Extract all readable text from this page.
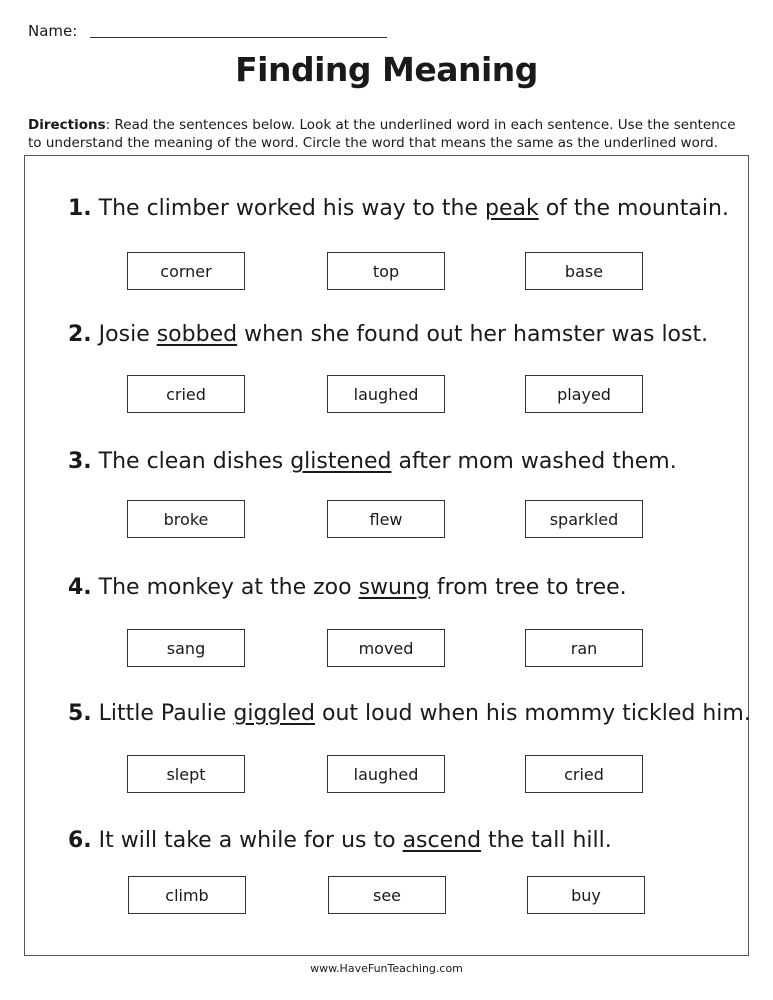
Name:
Finding Meaning
Directions: Read the sentences below. Look at the underlined word in each sentence. Use the sentence to understand the meaning of the word. Circle the word that means the same as the underlined word.
1. The climber worked his way to the peak of the mountain.
corner	top	base
2. Josie sobbed when she found out her hamster was lost.
cried	laughed	played
3. The clean dishes glistened after mom washed them.
broke	flew	sparkled
4. The monkey at the zoo swung from tree to tree.
sang	moved	ran
5. Little Paulie giggled out loud when his mommy tickled him.
slept	laughed	cried
6. It will take a while for us to ascend the tall hill.
climb	see	buy
www.HaveFunTeaching.com
